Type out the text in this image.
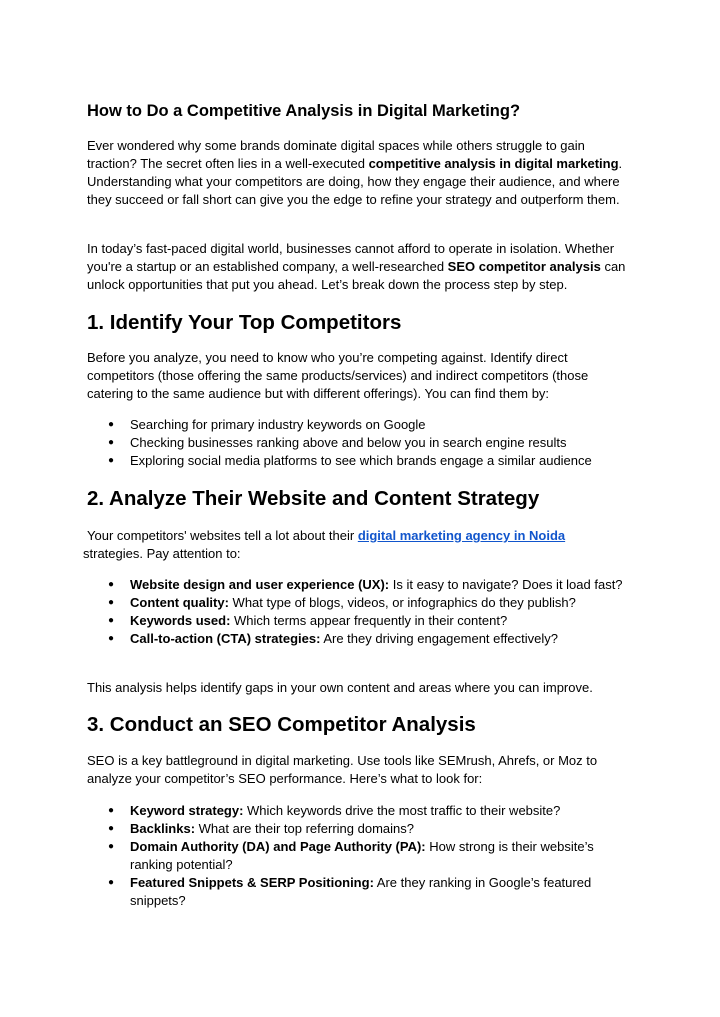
How to Do a Competitive Analysis in Digital Marketing?

Ever wondered why some brands dominate digital spaces while others struggle to gain traction? The secret often lies in a well-executed competitive analysis in digital marketing. Understanding what your competitors are doing, how they engage their audience, and where they succeed or fall short can give you the edge to refine your strategy and outperform them.

In today’s fast-paced digital world, businesses cannot afford to operate in isolation. Whether you're a startup or an established company, a well-researched SEO competitor analysis can unlock opportunities that put you ahead. Let’s break down the process step by step.

1. Identify Your Top Competitors

Before you analyze, you need to know who you’re competing against. Identify direct competitors (those offering the same products/services) and indirect competitors (those catering to the same audience but with different offerings). You can find them by:

● Searching for primary industry keywords on Google
● Checking businesses ranking above and below you in search engine results
● Exploring social media platforms to see which brands engage a similar audience
2. Analyze Their Website and Content Strategy

Your competitors' websites tell a lot about their digital marketing agency in Noida
strategies. Pay attention to:

● Website design and user experience (UX): Is it easy to navigate? Does it load fast?
● Content quality: What type of blogs, videos, or infographics do they publish?
● Keywords used: Which terms appear frequently in their content?
● Call-to-action (CTA) strategies: Are they driving engagement effectively?

This analysis helps identify gaps in your own content and areas where you can improve.

3. Conduct an SEO Competitor Analysis

SEO is a key battleground in digital marketing. Use tools like SEMrush, Ahrefs, or Moz to analyze your competitor’s SEO performance. Here’s what to look for:

● Keyword strategy: Which keywords drive the most traffic to their website?
● Backlinks: What are their top referring domains?
● Domain Authority (DA) and Page Authority (PA): How strong is their website’s ranking potential?
● Featured Snippets & SERP Positioning: Are they ranking in Google’s featured snippets?
